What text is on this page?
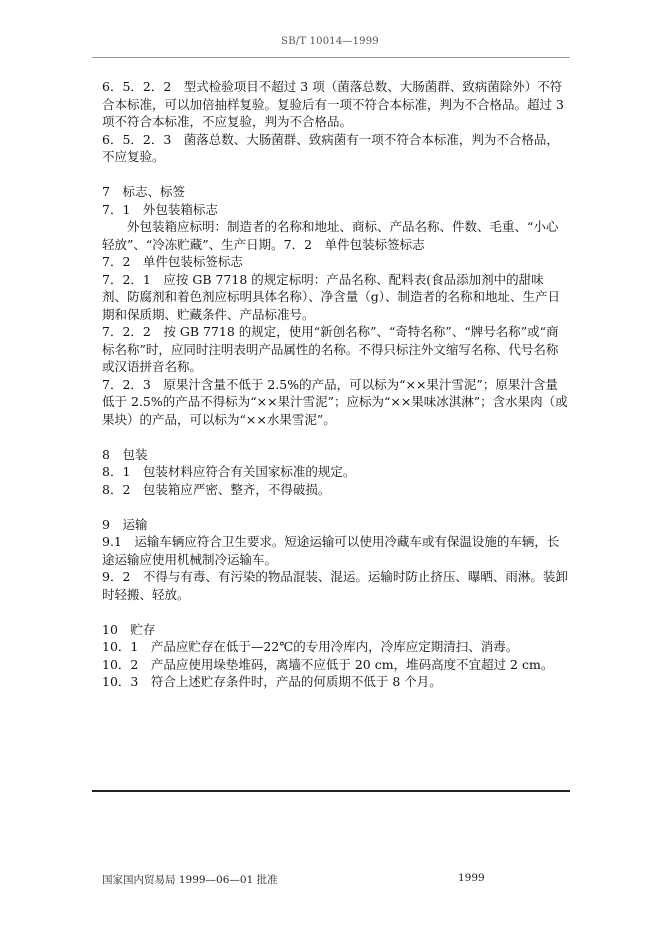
SB/T 10014—1999

6．5．2．2　型式检验项目不超过 3 项（菌落总数、大肠菌群、致病菌除外）不符合本标准，可以加倍抽样复验。复验后有一项不符合本标准，判为不合格品。超过 3 项不符合本标准，不应复验，判为不合格品。

6．5．2．3　菌落总数、大肠菌群、致病菌有一项不符合本标准，判为不合格品，不应复验。

7　标志、标签

7．1　外包装箱标志

外包装箱应标明：制造者的名称和地址、商标、产品名称、件数、毛重、“小心轻放”、“冷冻贮藏”、生产日期。7．2　单件包装标签标志

7．2　单件包装标签标志

7．2．1　应按 GB 7718 的规定标明：产品名称、配料表(食品添加剂中的甜味剂、防腐剂和着色剂应标明具体名称）、净含量（g）、制造者的名称和地址、生产日期和保质期、贮藏条件、产品标准号。

7．2．2　按 GB 7718 的规定，使用“新创名称”、“奇特名称”、“牌号名称”或“商标名称”时，应同时注明表明产品属性的名称。不得只标注外文缩写名称、代号名称或汉语拼音名称。

7．2．3　原果汁含量不低于 2.5%的产品，可以标为“××果汁雪泥”；原果汁含量低于 2.5%的产品不得标为“××果汁雪泥”；应标为“××果味冰淇淋”；含水果肉（或果块）的产品，可以标为“××水果雪泥”。

8　包装

8．1　包装材料应符合有关国家标准的规定。

8．2　包装箱应严密、整齐，不得破损。

9　运输

9.1　运输车辆应符合卫生要求。短途运输可以使用冷藏车或有保温设施的车辆，长途运输应使用机械制冷运输车。

9．2　不得与有毒、有污染的物品混装、混运。运输时防止挤压、曝晒、雨淋。装卸时轻搬、轻放。

10　贮存

10．1　产品应贮存在低于—22℃的专用冷库内，冷库应定期清扫、消毒。

10．2　产品应使用垛垫堆码，离墙不应低于 20 cm，堆码高度不宜超过 2 cm。

10．3　符合上述贮存条件时，产品的何质期不低于 8 个月。

国家国内贸易局 1999—06—01 批准	1999
